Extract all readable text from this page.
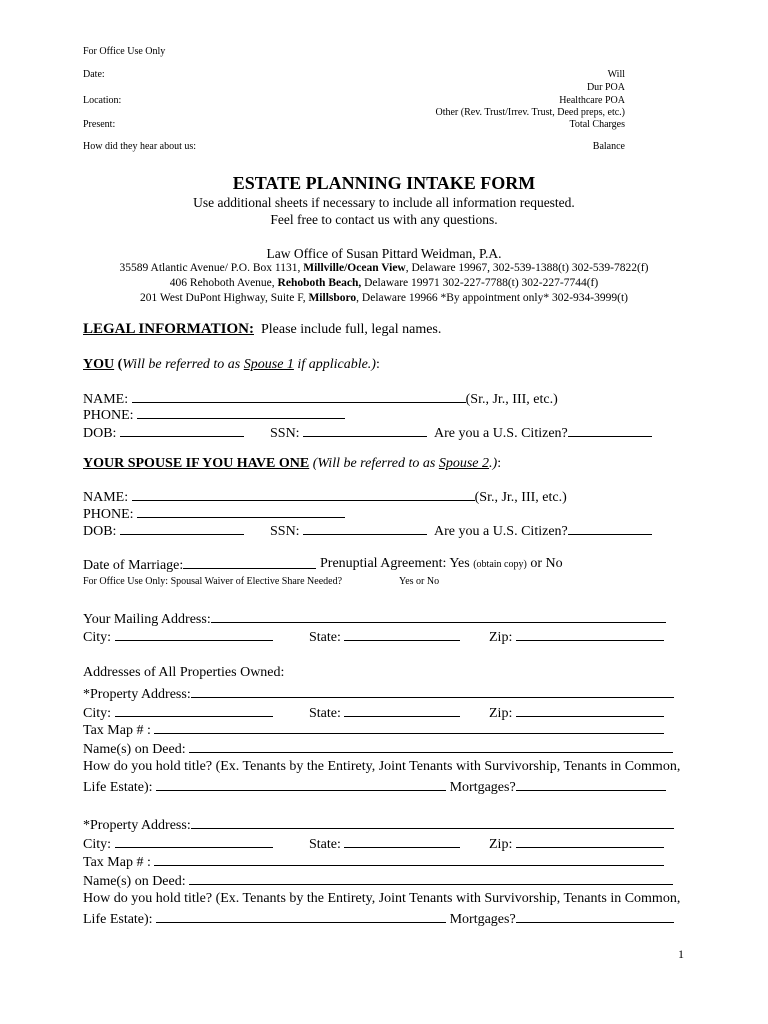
For Office Use Only
Date:
Location:
Present:
How did they hear about us:
Will
Dur POA
Healthcare POA
Other (Rev. Trust/Irrev. Trust, Deed preps, etc.)
Total Charges
Balance
ESTATE PLANNING INTAKE FORM
Use additional sheets if necessary to include all information requested.
Feel free to contact us with any questions.
Law Office of Susan Pittard Weidman, P.A.
35589 Atlantic Avenue/ P.O. Box 1131, Millville/Ocean View, Delaware 19967, 302-539-1388(t) 302-539-7822(f)
406 Rehoboth Avenue, Rehoboth Beach, Delaware 19971 302-227-7788(t) 302-227-7744(f)
201 West DuPont Highway, Suite F, Millsboro, Delaware 19966 *By appointment only* 302-934-3999(t)
LEGAL INFORMATION:  Please include full, legal names.
YOU (Will be referred to as Spouse 1 if applicable.):
NAME:	(Sr., Jr., III, etc.)
PHONE:
DOB:	SSN:	Are you a U.S. Citizen?
YOUR SPOUSE IF YOU HAVE ONE (Will be referred to as Spouse 2.):
NAME:	(Sr., Jr., III, etc.)
PHONE:
DOB:	SSN:	Are you a U.S. Citizen?
Date of Marriage:	Prenuptial Agreement: Yes (obtain copy) or No
For Office Use Only: Spousal Waiver of Elective Share Needed?	Yes or No
Your Mailing Address:
City:	State:	Zip:
Addresses of All Properties Owned:
*Property Address:
City:	State:	Zip:
Tax Map # :
Name(s) on Deed:
How do you hold title? (Ex. Tenants by the Entirety, Joint Tenants with Survivorship, Tenants in Common,
Life Estate):	Mortgages?
*Property Address:
City:	State:	Zip:
Tax Map # :
Name(s) on Deed:
How do you hold title? (Ex. Tenants by the Entirety, Joint Tenants with Survivorship, Tenants in Common,
Life Estate):	Mortgages?
1
